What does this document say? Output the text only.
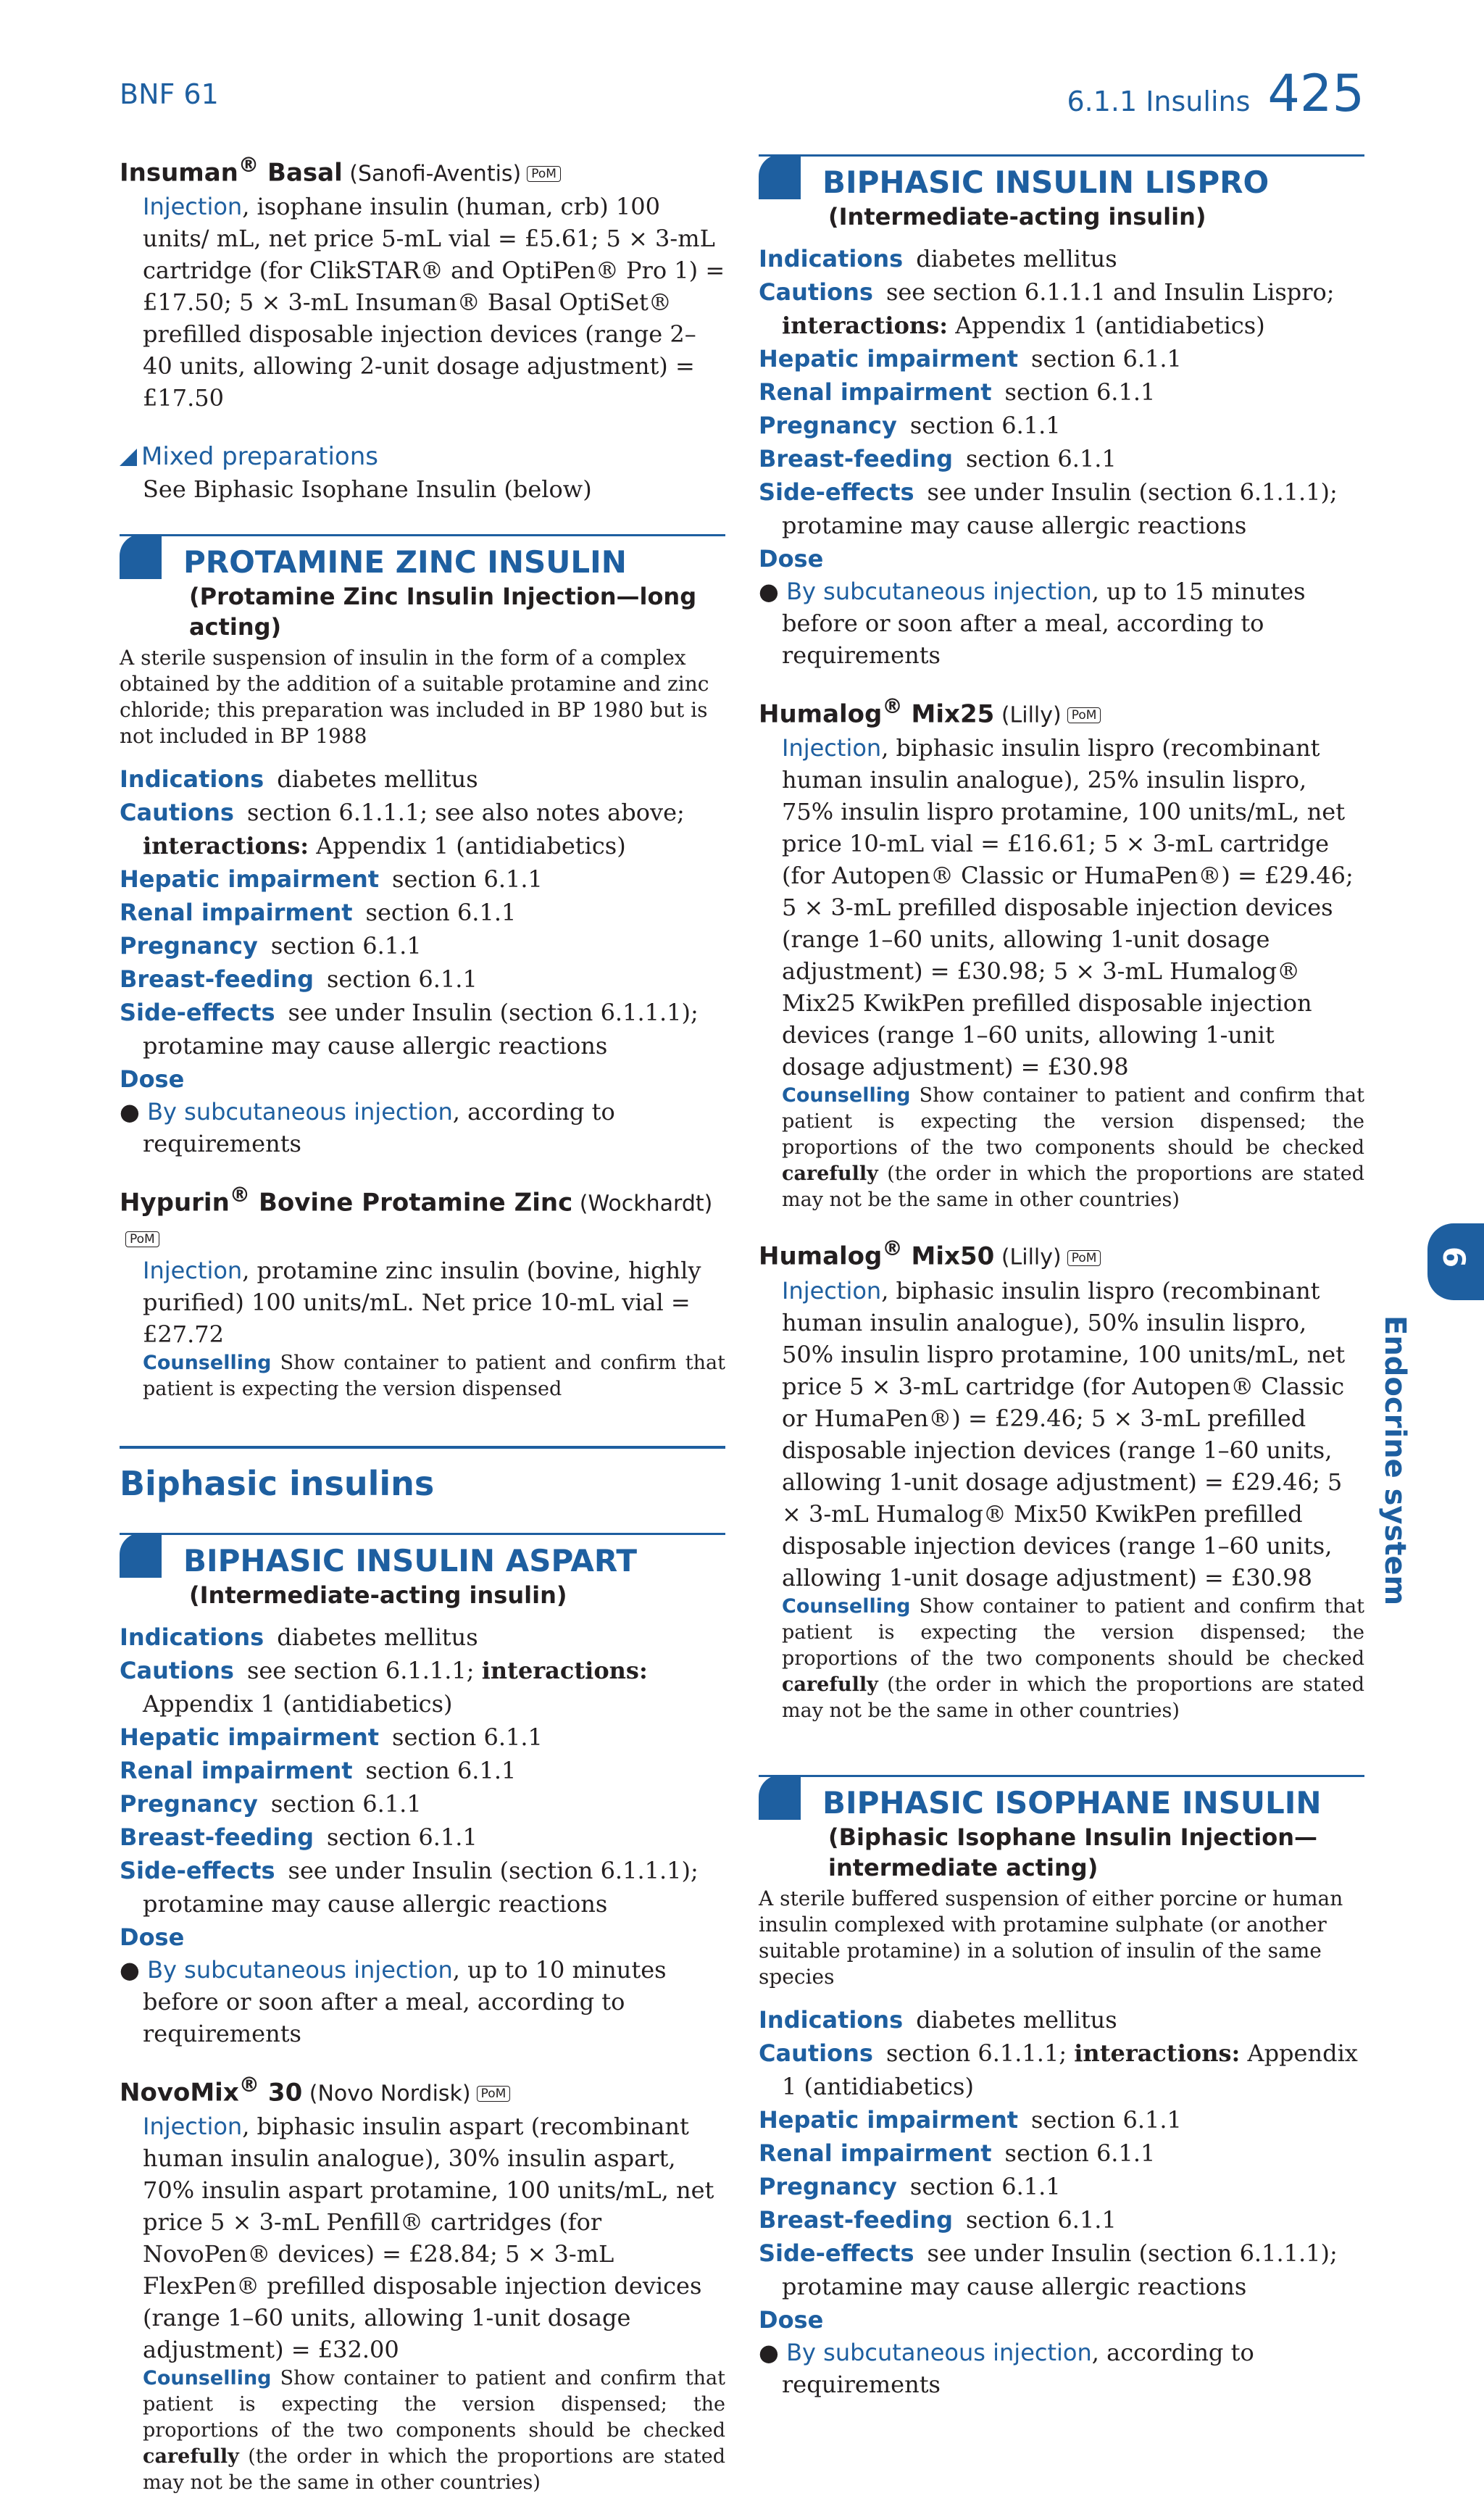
BNF 61	6.1.1 Insulins 425
Insuman® Basal (Sanofi-Aventis) PoM
Injection, isophane insulin (human, crb) 100 units/ mL, net price 5-mL vial = £5.61; 5 × 3-mL cartridge (for ClikSTAR® and OptiPen® Pro 1) = £17.50; 5 × 3-mL Insuman® Basal OptiSet® prefilled disposable injection devices (range 2–40 units, allowing 2-unit dosage adjustment) = £17.50
Mixed preparations
See Biphasic Isophane Insulin (below)
PROTAMINE ZINC INSULIN
(Protamine Zinc Insulin Injection—long acting)
A sterile suspension of insulin in the form of a complex obtained by the addition of a suitable protamine and zinc chloride; this preparation was included in BP 1980 but is not included in BP 1988
Indications diabetes mellitus
Cautions section 6.1.1.1; see also notes above; interactions: Appendix 1 (antidiabetics)
Hepatic impairment section 6.1.1
Renal impairment section 6.1.1
Pregnancy section 6.1.1
Breast-feeding section 6.1.1
Side-effects see under Insulin (section 6.1.1.1); protamine may cause allergic reactions
Dose
● By subcutaneous injection, according to requirements
Hypurin® Bovine Protamine Zinc (Wockhardt)PoM
Injection, protamine zinc insulin (bovine, highly purified) 100 units/mL. Net price 10-mL vial = £27.72
Counselling Show container to patient and confirm that patient is expecting the version dispensed
Biphasic insulins
BIPHASIC INSULIN ASPART
(Intermediate-acting insulin)
Indications diabetes mellitus
Cautions see section 6.1.1.1; interactions: Appendix 1 (antidiabetics)
Hepatic impairment section 6.1.1
Renal impairment section 6.1.1
Pregnancy section 6.1.1
Breast-feeding section 6.1.1
Side-effects see under Insulin (section 6.1.1.1); protamine may cause allergic reactions
Dose
● By subcutaneous injection, up to 10 minutes before or soon after a meal, according to requirements
NovoMix® 30 (Novo Nordisk) PoM
Injection, biphasic insulin aspart (recombinant human insulin analogue), 30% insulin aspart, 70% insulin aspart protamine, 100 units/mL, net price 5 × 3-mL Penfill® cartridges (for NovoPen® devices) = £28.84; 5 × 3-mL FlexPen® prefilled disposable injection devices (range 1–60 units, allowing 1-unit dosage adjustment) = £32.00
Counselling Show container to patient and confirm that patient is expecting the version dispensed; the proportions of the two components should be checked carefully (the order in which the proportions are stated may not be the same in other countries)
BIPHASIC INSULIN LISPRO
(Intermediate-acting insulin)
Indications diabetes mellitus
Cautions see section 6.1.1.1 and Insulin Lispro; interactions: Appendix 1 (antidiabetics)
Hepatic impairment section 6.1.1
Renal impairment section 6.1.1
Pregnancy section 6.1.1
Breast-feeding section 6.1.1
Side-effects see under Insulin (section 6.1.1.1); protamine may cause allergic reactions
Dose
● By subcutaneous injection, up to 15 minutes before or soon after a meal, according to requirements
Humalog® Mix25 (Lilly) PoM
Injection, biphasic insulin lispro (recombinant human insulin analogue), 25% insulin lispro, 75% insulin lispro protamine, 100 units/mL, net price 10-mL vial = £16.61; 5 × 3-mL cartridge (for Autopen® Classic or HumaPen®) = £29.46; 5 × 3-mL prefilled disposable injection devices (range 1–60 units, allowing 1-unit dosage adjustment) = £30.98; 5 × 3-mL Humalog® Mix25 KwikPen prefilled disposable injection devices (range 1–60 units, allowing 1-unit dosage adjustment) = £30.98
Counselling Show container to patient and confirm that patient is expecting the version dispensed; the proportions of the two components should be checked carefully (the order in which the proportions are stated may not be the same in other countries)
Humalog® Mix50 (Lilly) PoM
Injection, biphasic insulin lispro (recombinant human insulin analogue), 50% insulin lispro, 50% insulin lispro protamine, 100 units/mL, net price 5 × 3-mL cartridge (for Autopen® Classic or HumaPen®) = £29.46; 5 × 3-mL prefilled disposable injection devices (range 1–60 units, allowing 1-unit dosage adjustment) = £29.46; 5 × 3-mL Humalog® Mix50 KwikPen prefilled disposable injection devices (range 1–60 units, allowing 1-unit dosage adjustment) = £30.98
Counselling Show container to patient and confirm that patient is expecting the version dispensed; the proportions of the two components should be checked carefully (the order in which the proportions are stated may not be the same in other countries)
BIPHASIC ISOPHANE INSULIN
(Biphasic Isophane Insulin Injection—intermediate acting)
A sterile buffered suspension of either porcine or human insulin complexed with protamine sulphate (or another suitable protamine) in a solution of insulin of the same species
Indications diabetes mellitus
Cautions section 6.1.1.1; interactions: Appendix 1 (antidiabetics)
Hepatic impairment section 6.1.1
Renal impairment section 6.1.1
Pregnancy section 6.1.1
Breast-feeding section 6.1.1
Side-effects see under Insulin (section 6.1.1.1); protamine may cause allergic reactions
Dose
● By subcutaneous injection, according to requirements
6
Endocrine system
